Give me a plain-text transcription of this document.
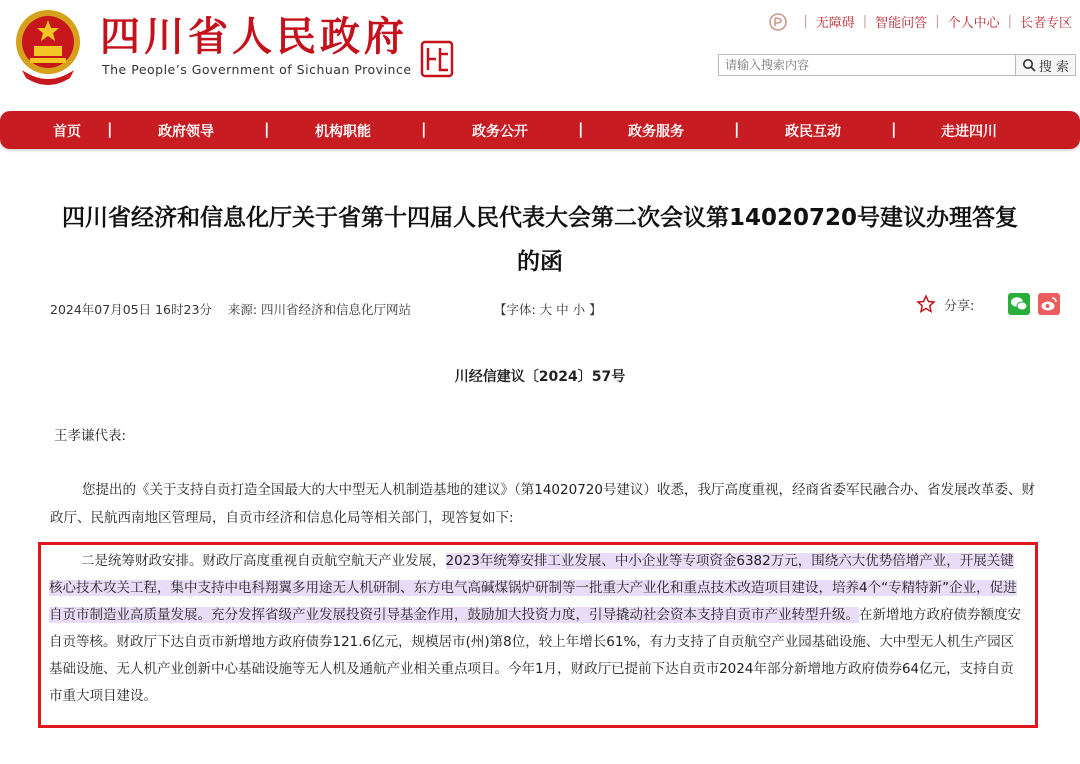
四川省人民政府
The People’s Government of Sichuan Province
| 无障碍 | 智能问答 | 个人中心 | 长者专区
请输入搜索内容
搜 索
首页 |	政府领导	|	机构职能	|	政务公开	|	政务服务	|	政民互动	|	走进四川
四川省经济和信息化厅关于省第十四届人民代表大会第二次会议第14020720号建议办理答复
的函
2024年07月05日 16时23分 来源: 四川省经济和信息化厅网站	【字体: 大 中 小 】	分享:
川经信建议〔2024〕57号
王孝谦代表:
您提出的《关于支持自贡打造全国最大的大中型无人机制造基地的建议》（第14020720号建议）收悉，我厅高度重视，经商省委军民融合办、省发展改革委、财政厅、民航西南地区管理局，自贡市经济和信息化局等相关部门，现答复如下:

二是统筹财政安排。财政厅高度重视自贡航空航天产业发展，2023年统筹安排工业发展、中小企业等专项资金6382万元，围绕六大优势倍增产业，开展关键核心技术攻关工程，集中支持中电科翔翼多用途无人机研制、东方电气高碱煤锅炉研制等一批重大产业化和重点技术改造项目建设，培养4个“专精特新”企业，促进自贡市制造业高质量发展。充分发挥省级产业发展投资引导基金作用，鼓励加大投资力度，引导撬动社会资本支持自贡市产业转型升级。在新增地方政府债券额度安自贡等核。财政厅下达自贡市新增地方政府债券121.6亿元，规模居市(州)第8位，较上年增长61%，有力支持了自贡航空产业园基础设施、大中型无人机生产园区基础设施、无人机产业创新中心基础设施等无人机及通航产业相关重点项目。今年1月，财政厅已提前下达自贡市2024年部分新增地方政府债券64亿元，支持自贡市重大项目建设。
